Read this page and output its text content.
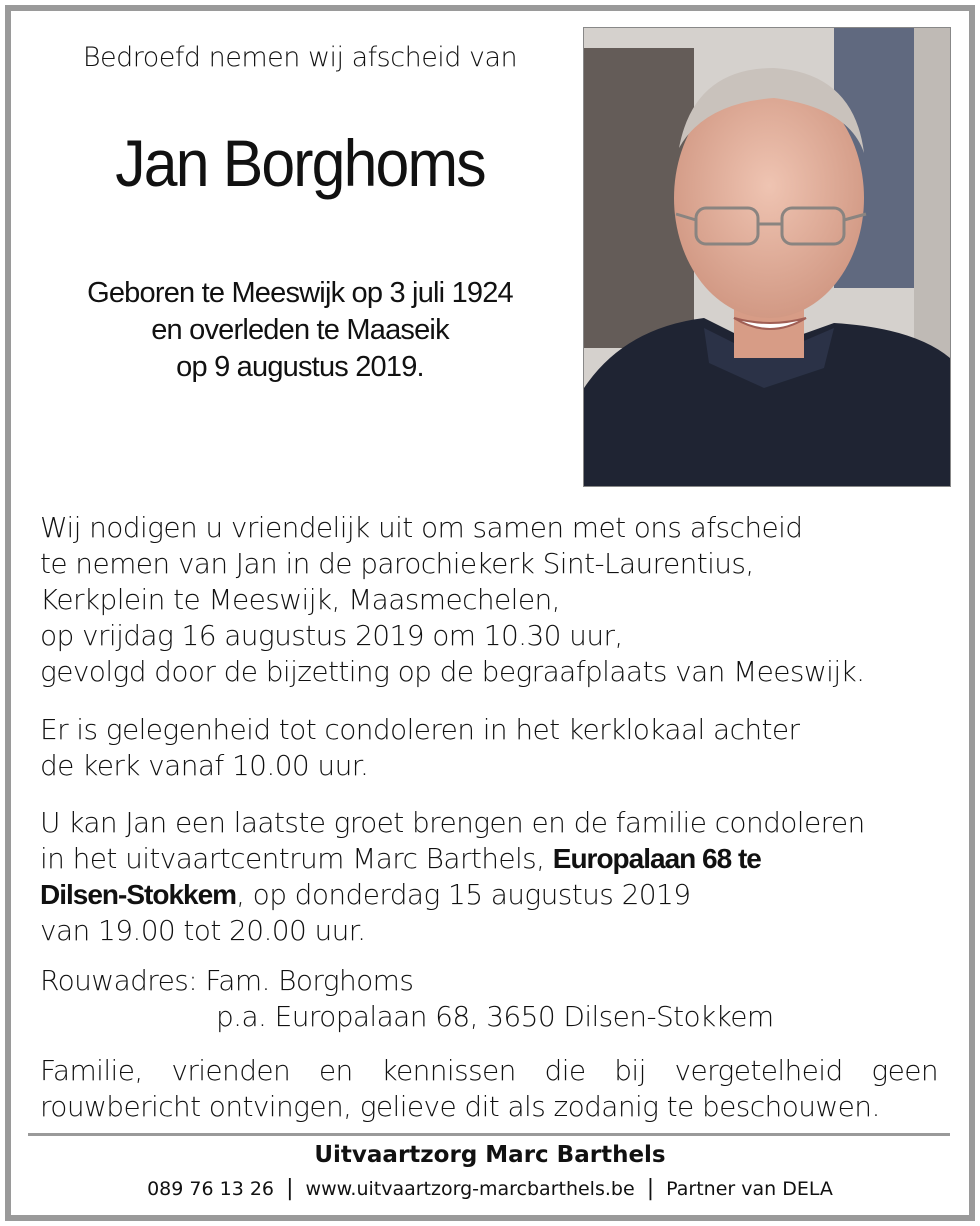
Bedroefd nemen wij afscheid van
Jan Borghoms
Geboren te Meeswijk op 3 juli 1924
en overleden te Maaseik
op 9 augustus 2019.
Wij nodigen u vriendelijk uit om samen met ons afscheid
te nemen van Jan in de parochiekerk Sint-Laurentius,
Kerkplein te Meeswijk, Maasmechelen,
op vrijdag 16 augustus 2019 om 10.30 uur,
gevolgd door de bijzetting op de begraafplaats van Meeswijk.
Er is gelegenheid tot condoleren in het kerklokaal achter
de kerk vanaf 10.00 uur.
U kan Jan een laatste groet brengen en de familie condoleren
in het uitvaartcentrum Marc Barthels, Europalaan 68 te
Dilsen-Stokkem, op donderdag 15 augustus 2019
van 19.00 tot 20.00 uur.
Rouwadres: Fam. Borghoms
p.a. Europalaan 68, 3650 Dilsen-Stokkem
Familie, vrienden en kennissen die bij vergetelheid geen
rouwbericht ontvingen, gelieve dit als zodanig te beschouwen.
Uitvaartzorg Marc Barthels
089 76 13 26 | www.uitvaartzorg-marcbarthels.be | Partner van DELA
